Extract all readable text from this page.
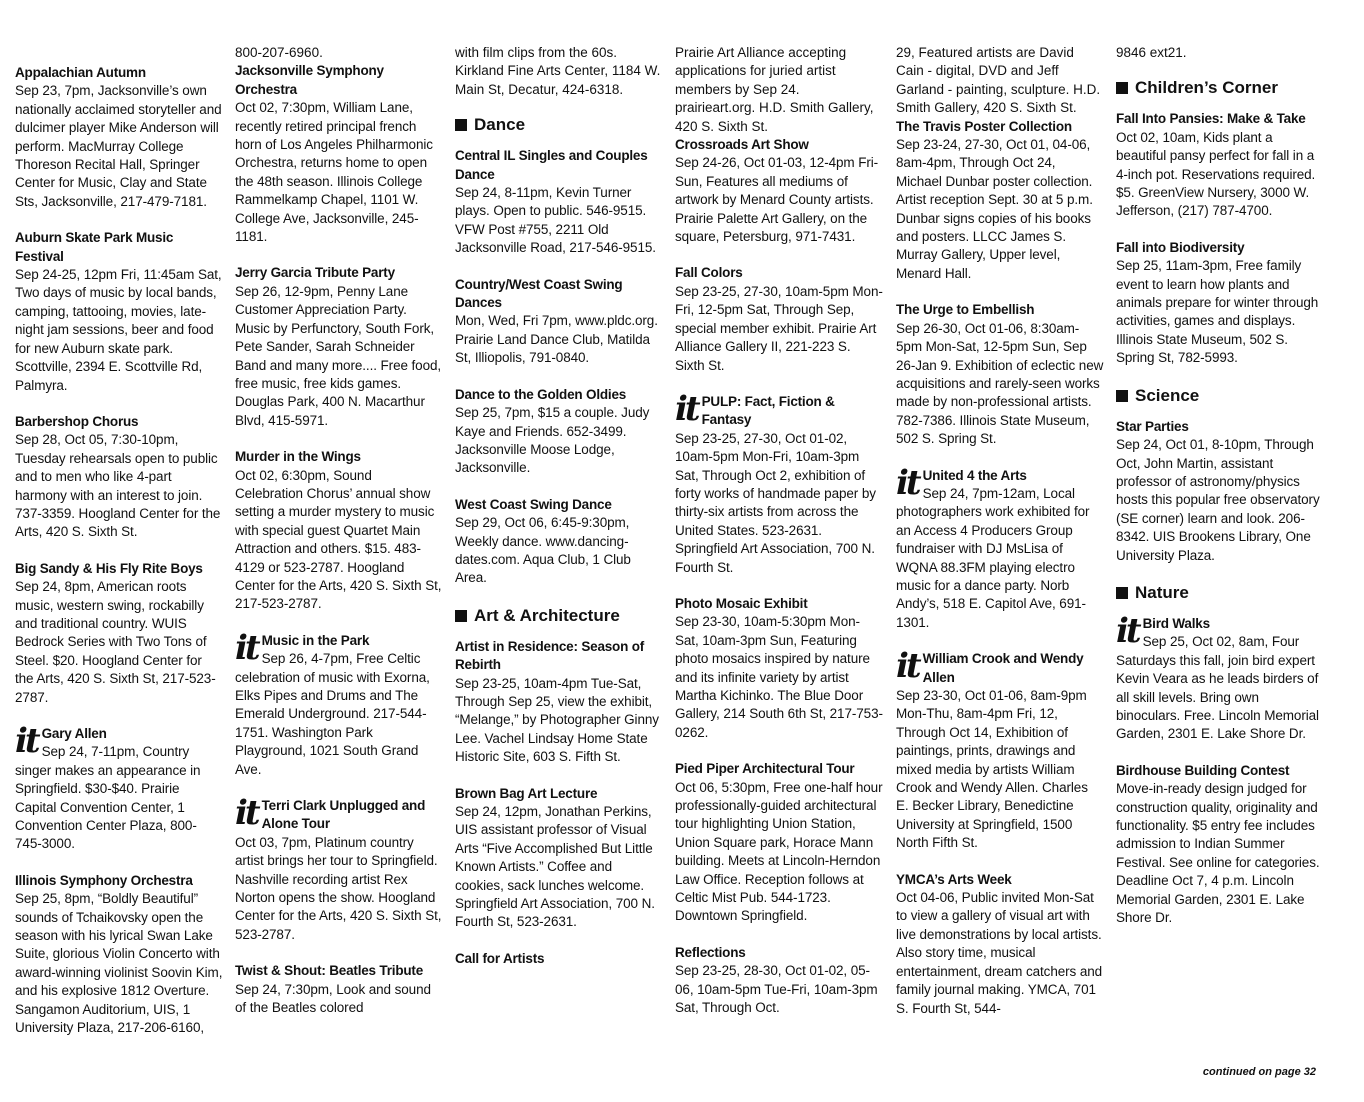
Appalachian Autumn

Sep 23, 7pm, Jacksonville’s own nationally acclaimed storyteller and dulcimer player Mike Anderson will perform. MacMurray College Thoreson Recital Hall, Springer Center for Music, Clay and State Sts, Jacksonville, 217-479-7181.

Auburn Skate Park Music Festival

Sep 24-25, 12pm Fri, 11:45am Sat, Two days of music by local bands, camping, tattooing, movies, late-night jam sessions, beer and food for new Auburn skate park. Scottville, 2394 E. Scottville Rd, Palmyra.

Barbershop Chorus

Sep 28, Oct 05, 7:30-10pm, Tuesday rehearsals open to public and to men who like 4-part harmony with an interest to join. 737-3359. Hoogland Center for the Arts, 420 S. Sixth St.

Big Sandy & His Fly Rite Boys

Sep 24, 8pm, American roots music, western swing, rockabilly and traditional country. WUIS Bedrock Series with Two Tons of Steel. $20. Hoogland Center for the Arts, 420 S. Sixth St, 217-523-2787.

it Gary Allen

Sep 24, 7-11pm, Country singer makes an appearance in Springfield. $30-$40. Prairie Capital Convention Center, 1 Convention Center Plaza, 800-745-3000.

Illinois Symphony Orchestra

Sep 25, 8pm, “Boldly Beautiful” sounds of Tchaikovsky open the season with his lyrical Swan Lake Suite, glorious Violin Concerto with award-winning violinist Soovin Kim, and his explosive 1812 Overture. Sangamon Auditorium, UIS, 1 University Plaza, 217-206-6160,

800-207-6960.

Jacksonville Symphony Orchestra

Oct 02, 7:30pm, William Lane, recently retired principal french horn of Los Angeles Philharmonic Orchestra, returns home to open the 48th season. Illinois College Rammelkamp Chapel, 1101 W. College Ave, Jacksonville, 245-1181.

Jerry Garcia Tribute Party

Sep 26, 12-9pm, Penny Lane Customer Appreciation Party. Music by Perfunctory, South Fork, Pete Sander, Sarah Schneider Band and many more.... Free food, free music, free kids games. Douglas Park, 400 N. Macarthur Blvd, 415-5971.

Murder in the Wings

Oct 02, 6:30pm, Sound Celebration Chorus’ annual show setting a murder mystery to music with special guest Quartet Main Attraction and others. $15. 483-4129 or 523-2787. Hoogland Center for the Arts, 420 S. Sixth St, 217-523-2787.

it Music in the Park

Sep 26, 4-7pm, Free Celtic celebration of music with Exorna, Elks Pipes and Drums and The Emerald Underground. 217-544-1751. Washington Park Playground, 1021 South Grand Ave.

it Terri Clark Unplugged and Alone Tour

Oct 03, 7pm, Platinum country artist brings her tour to Springfield. Nashville recording artist Rex Norton opens the show. Hoogland Center for the Arts, 420 S. Sixth St, 523-2787.

Twist & Shout: Beatles Tribute

Sep 24, 7:30pm, Look and sound of the Beatles colored

with film clips from the 60s. Kirkland Fine Arts Center, 1184 W. Main St, Decatur, 424-6318.

Dance

Central IL Singles and Couples Dance

Sep 24, 8-11pm, Kevin Turner plays. Open to public. 546-9515. VFW Post #755, 2211 Old Jacksonville Road, 217-546-9515.

Country/West Coast Swing Dances

Mon, Wed, Fri 7pm, www.pldc.org. Prairie Land Dance Club, Matilda St, Illiopolis, 791-0840.

Dance to the Golden Oldies

Sep 25, 7pm, $15 a couple. Judy Kaye and Friends. 652-3499. Jacksonville Moose Lodge, Jacksonville.

West Coast Swing Dance

Sep 29, Oct 06, 6:45-9:30pm, Weekly dance. www.dancing-dates.com. Aqua Club, 1 Club Area.

Art & Architecture

Artist in Residence: Season of Rebirth

Sep 23-25, 10am-4pm Tue-Sat, Through Sep 25, view the exhibit, “Melange,” by Photographer Ginny Lee. Vachel Lindsay Home State Historic Site, 603 S. Fifth St.

Brown Bag Art Lecture

Sep 24, 12pm, Jonathan Perkins, UIS assistant professor of Visual Arts “Five Accomplished But Little Known Artists.” Coffee and cookies, sack lunches welcome. Springfield Art Association, 700 N. Fourth St, 523-2631.

Call for Artists

Prairie Art Alliance accepting applications for juried artist members by Sep 24. prairieart.org. H.D. Smith Gallery, 420 S. Sixth St.

Crossroads Art Show

Sep 24-26, Oct 01-03, 12-4pm Fri-Sun, Features all mediums of artwork by Menard County artists. Prairie Palette Art Gallery, on the square, Petersburg, 971-7431.

Fall Colors

Sep 23-25, 27-30, 10am-5pm Mon-Fri, 12-5pm Sat, Through Sep, special member exhibit. Prairie Art Alliance Gallery II, 221-223 S. Sixth St.

it PULP: Fact, Fiction & Fantasy

Sep 23-25, 27-30, Oct 01-02, 10am-5pm Mon-Fri, 10am-3pm Sat, Through Oct 2, exhibition of forty works of handmade paper by thirty-six artists from across the United States. 523-2631. Springfield Art Association, 700 N. Fourth St.

Photo Mosaic Exhibit

Sep 23-30, 10am-5:30pm Mon-Sat, 10am-3pm Sun, Featuring photo mosaics inspired by nature and its infinite variety by artist Martha Kichinko. The Blue Door Gallery, 214 South 6th St, 217-753-0262.

Pied Piper Architectural Tour

Oct 06, 5:30pm, Free one-half hour professionally-guided architectural tour highlighting Union Station, Union Square park, Horace Mann building. Meets at Lincoln-Herndon Law Office. Reception follows at Celtic Mist Pub. 544-1723. Downtown Springfield.

Reflections

Sep 23-25, 28-30, Oct 01-02, 05-06, 10am-5pm Tue-Fri, 10am-3pm Sat, Through Oct.

29, Featured artists are David Cain - digital, DVD and Jeff Garland - painting, sculpture. H.D. Smith Gallery, 420 S. Sixth St.

The Travis Poster Collection

Sep 23-24, 27-30, Oct 01, 04-06, 8am-4pm, Through Oct 24, Michael Dunbar poster collection. Artist reception Sept. 30 at 5 p.m. Dunbar signs copies of his books and posters. LLCC James S. Murray Gallery, Upper level, Menard Hall.

The Urge to Embellish

Sep 26-30, Oct 01-06, 8:30am-5pm Mon-Sat, 12-5pm Sun, Sep 26-Jan 9. Exhibition of eclectic new acquisitions and rarely-seen works made by non-professional artists. 782-7386. Illinois State Museum, 502 S. Spring St.

it United 4 the Arts

Sep 24, 7pm-12am, Local photographers work exhibited for an Access 4 Producers Group fundraiser with DJ MsLisa of WQNA 88.3FM playing electro music for a dance party. Norb Andy’s, 518 E. Capitol Ave, 691-1301.

it William Crook and Wendy Allen

Sep 23-30, Oct 01-06, 8am-9pm Mon-Thu, 8am-4pm Fri, 12, Through Oct 14, Exhibition of paintings, prints, drawings and mixed media by artists William Crook and Wendy Allen. Charles E. Becker Library, Benedictine University at Springfield, 1500 North Fifth St.

YMCA’s Arts Week

Oct 04-06, Public invited Mon-Sat to view a gallery of visual art with live demonstrations by local artists. Also story time, musical entertainment, dream catchers and family journal making. YMCA, 701 S. Fourth St, 544-

9846 ext21.

Children’s Corner

Fall Into Pansies: Make & Take

Oct 02, 10am, Kids plant a beautiful pansy perfect for fall in a 4-inch pot. Reservations required. $5. GreenView Nursery, 3000 W. Jefferson, (217) 787-4700.

Fall into Biodiversity

Sep 25, 11am-3pm, Free family event to learn how plants and animals prepare for winter through activities, games and displays. Illinois State Museum, 502 S. Spring St, 782-5993.

Science

Star Parties

Sep 24, Oct 01, 8-10pm, Through Oct, John Martin, assistant professor of astronomy/physics hosts this popular free observatory (SE corner) learn and look. 206-8342. UIS Brookens Library, One University Plaza.

Nature
it Bird Walks

Sep 25, Oct 02, 8am, Four Saturdays this fall, join bird expert Kevin Veara as he leads birders of all skill levels. Bring own binoculars. Free. Lincoln Memorial Garden, 2301 E. Lake Shore Dr.

Birdhouse Building Contest

Move-in-ready design judged for construction quality, originality and functionality. $5 entry fee includes admission to Indian Summer Festival. See online for categories. Deadline Oct 7, 4 p.m. Lincoln Memorial Garden, 2301 E. Lake Shore Dr.

continued on page 32
